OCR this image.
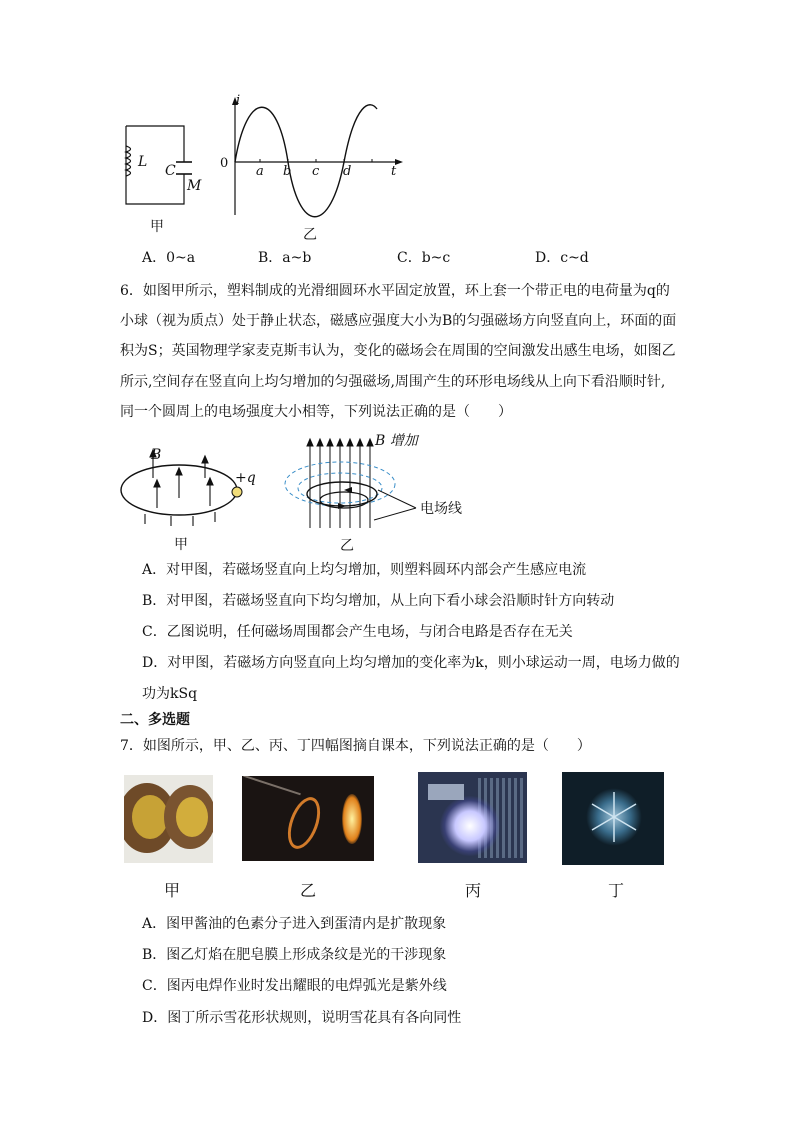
L
C
M
甲
i
0
t
a b c d
乙
A．0~a	B．a~b	C．b~c	D．c~d
6．如图甲所示，塑料制成的光滑细圆环水平固定放置，环上套一个带正电的电荷量为q的
小球（视为质点）处于静止状态，磁感应强度大小为B的匀强磁场方向竖直向上，环面的面
积为S；英国物理学家麦克斯韦认为，变化的磁场会在周围的空间激发出感生电场，如图乙
所示,空间存在竖直向上均匀增加的匀强磁场,周围产生的环形电场线从上向下看沿顺时针,
同一个圆周上的电场强度大小相等，下列说法正确的是（　　）
B
+q
甲
B 增加
电场线
乙
A．对甲图，若磁场竖直向上均匀增加，则塑料圆环内部会产生感应电流
B．对甲图，若磁场竖直向下均匀增加，从上向下看小球会沿顺时针方向转动
C．乙图说明，任何磁场周围都会产生电场，与闭合电路是否存在无关
D．对甲图，若磁场方向竖直向上均匀增加的变化率为k，则小球运动一周，电场力做的
功为kSq
二、多选题
7．如图所示，甲、乙、丙、丁四幅图摘自课本，下列说法正确的是（　　）
甲	乙	丙	丁
A．图甲酱油的色素分子进入到蛋清内是扩散现象
B．图乙灯焰在肥皂膜上形成条纹是光的干涉现象
C．图丙电焊作业时发出耀眼的电焊弧光是紫外线
D．图丁所示雪花形状规则，说明雪花具有各向同性
